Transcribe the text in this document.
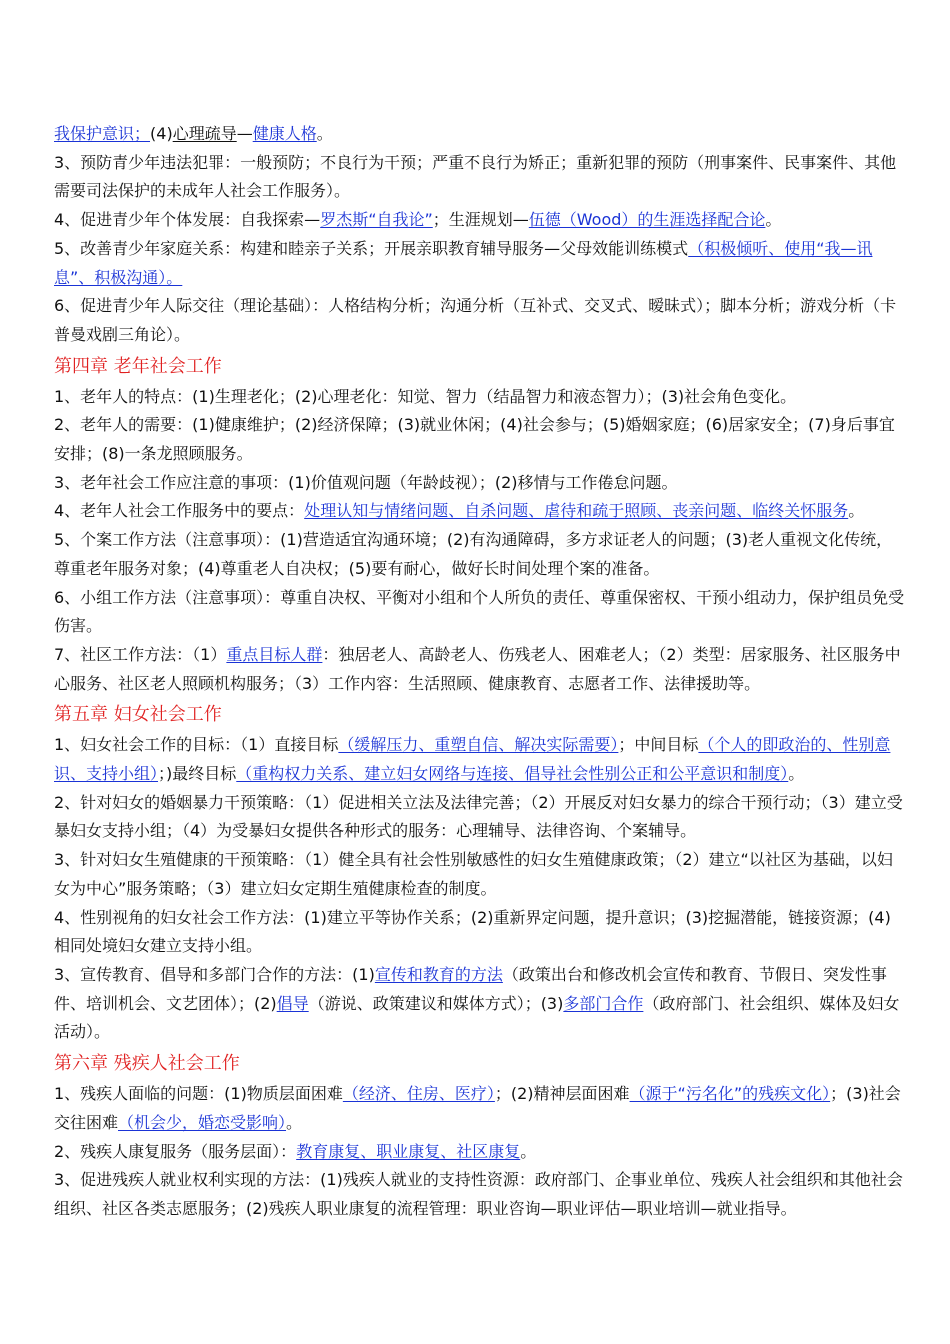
我保护意识；(4)心理疏导—健康人格。

3、预防青少年违法犯罪：一般预防；不良行为干预；严重不良行为矫正；重新犯罪的预防（刑事案件、民事案件、其他需要司法保护的未成年人社会工作服务）。

4、促进青少年个体发展：自我探索—罗杰斯“自我论”；生涯规划—伍德（Wood）的生涯选择配合论。

5、改善青少年家庭关系：构建和睦亲子关系；开展亲职教育辅导服务—父母效能训练模式（积极倾听、使用“我—讯息”、积极沟通）。

6、促进青少年人际交往（理论基础）：人格结构分析；沟通分析（互补式、交叉式、暧昧式）；脚本分析；游戏分析（卡普曼戏剧三角论）。

第四章 老年社会工作

1、老年人的特点：(1)生理老化；(2)心理老化：知觉、智力（结晶智力和液态智力）；(3)社会角色变化。

2、老年人的需要：(1)健康维护；(2)经济保障；(3)就业休闲；(4)社会参与；(5)婚姻家庭；(6)居家安全；(7)身后事宜安排；(8)一条龙照顾服务。

3、老年社会工作应注意的事项：(1)价值观问题（年龄歧视）；(2)移情与工作倦怠问题。

4、老年人社会工作服务中的要点：处理认知与情绪问题、自杀问题、虐待和疏于照顾、丧亲问题、临终关怀服务。

5、个案工作方法（注意事项）：(1)营造适宜沟通环境；(2)有沟通障碍，多方求证老人的问题；(3)老人重视文化传统，尊重老年服务对象；(4)尊重老人自决权；(5)要有耐心，做好长时间处理个案的准备。

6、小组工作方法（注意事项）：尊重自决权、平衡对小组和个人所负的责任、尊重保密权、干预小组动力，保护组员免受伤害。

7、社区工作方法：（1）重点目标人群：独居老人、高龄老人、伤残老人、困难老人；（2）类型：居家服务、社区服务中心服务、社区老人照顾机构服务；（3）工作内容：生活照顾、健康教育、志愿者工作、法律援助等。

第五章 妇女社会工作

1、妇女社会工作的目标：（1）直接目标（缓解压力、重塑自信、解决实际需要）；中间目标（个人的即政治的、性别意识、支持小组）；)最终目标（重构权力关系、建立妇女网络与连接、倡导社会性别公正和公平意识和制度）。

2、针对妇女的婚姻暴力干预策略：（1）促进相关立法及法律完善；（2）开展反对妇女暴力的综合干预行动；（3）建立受暴妇女支持小组；（4）为受暴妇女提供各种形式的服务：心理辅导、法律咨询、个案辅导。

3、针对妇女生殖健康的干预策略：（1）健全具有社会性别敏感性的妇女生殖健康政策；（2）建立“以社区为基础，以妇女为中心”服务策略；（3）建立妇女定期生殖健康检查的制度。

4、性别视角的妇女社会工作方法：(1)建立平等协作关系；(2)重新界定问题，提升意识；(3)挖掘潜能，链接资源；(4)相同处境妇女建立支持小组。

3、宣传教育、倡导和多部门合作的方法：(1)宣传和教育的方法（政策出台和修改机会宣传和教育、节假日、突发性事件、培训机会、文艺团体）；(2)倡导（游说、政策建议和媒体方式）；(3)多部门合作（政府部门、社会组织、媒体及妇女活动）。

第六章 残疾人社会工作

1、残疾人面临的问题：(1)物质层面困难（经济、住房、医疗）；(2)精神层面困难（源于“污名化”的残疾文化）；(3)社会交往困难（机会少，婚恋受影响）。

2、残疾人康复服务（服务层面）：教育康复、职业康复、社区康复。

3、促进残疾人就业权利实现的方法：(1)残疾人就业的支持性资源：政府部门、企事业单位、残疾人社会组织和其他社会组织、社区各类志愿服务；(2)残疾人职业康复的流程管理：职业咨询—职业评估—职业培训—就业指导。
